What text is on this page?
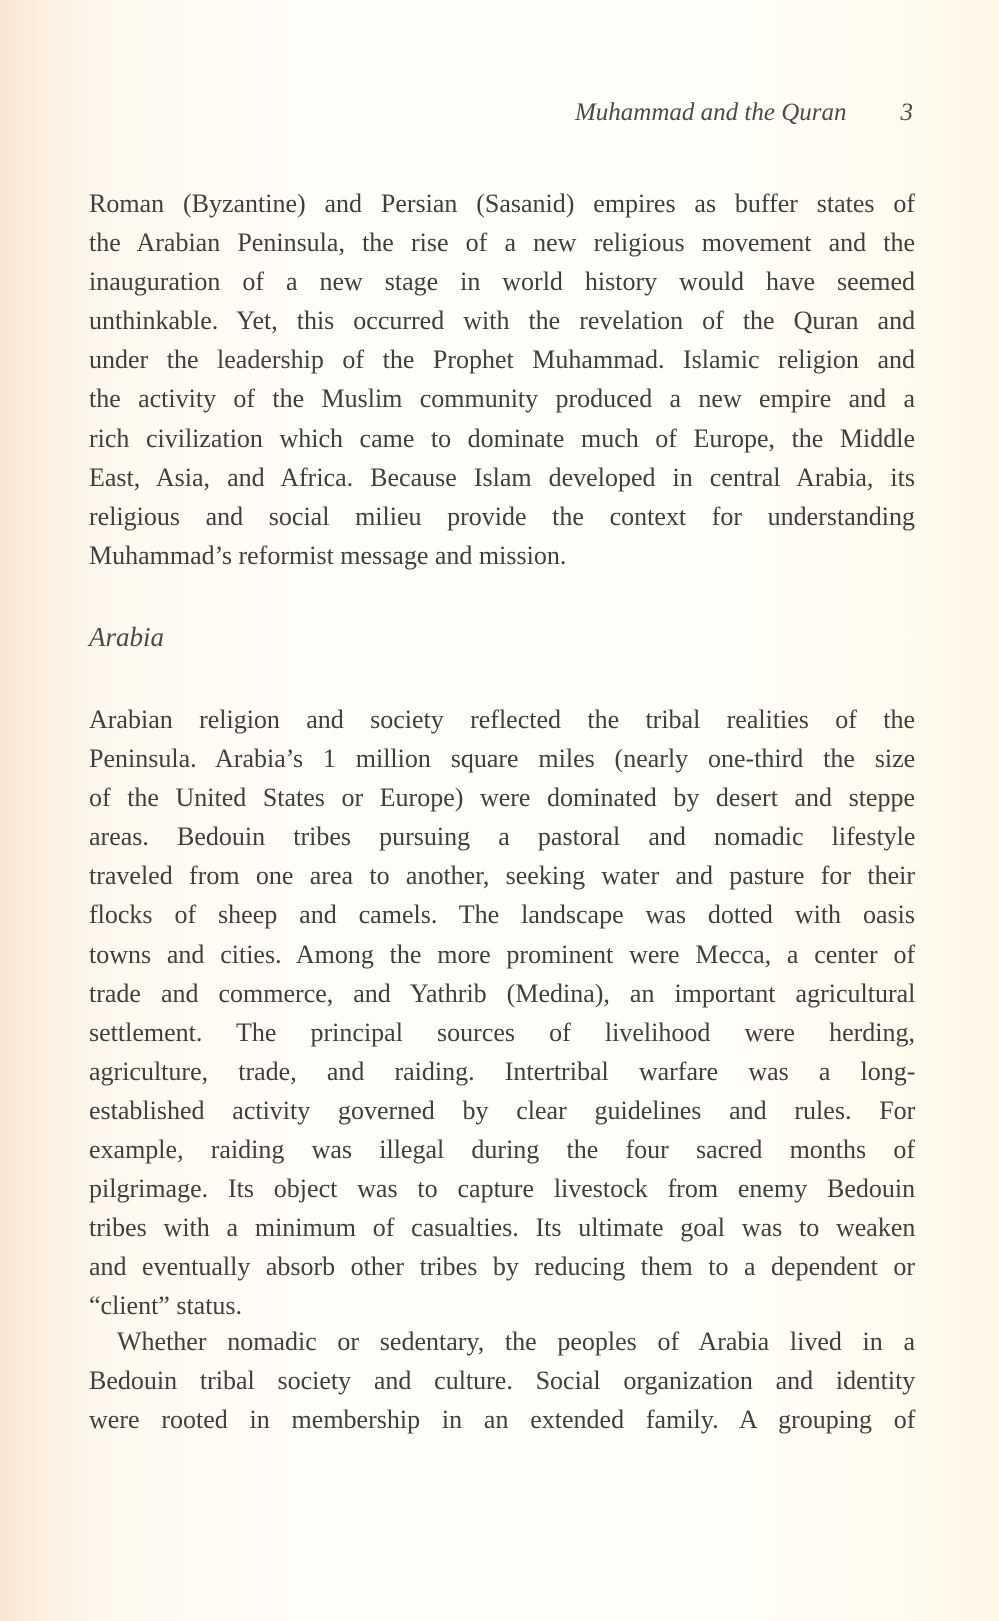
Muhammad and the Quran 3
Roman (Byzantine) and Persian (Sasanid) empires as buffer states of
the Arabian Peninsula, the rise of a new religious movement and the
inauguration of a new stage in world history would have seemed
unthinkable. Yet, this occurred with the revelation of the Quran and
under the leadership of the Prophet Muhammad. Islamic religion and
the activity of the Muslim community produced a new empire and a
rich civilization which came to dominate much of Europe, the Middle
East, Asia, and Africa. Because Islam developed in central Arabia, its
religious and social milieu provide the context for understanding
Muhammad’s reformist message and mission.
Arabia
Arabian religion and society reflected the tribal realities of the
Peninsula. Arabia’s 1 million square miles (nearly one-third the size
of the United States or Europe) were dominated by desert and steppe
areas. Bedouin tribes pursuing a pastoral and nomadic lifestyle
traveled from one area to another, seeking water and pasture for their
flocks of sheep and camels. The landscape was dotted with oasis
towns and cities. Among the more prominent were Mecca, a center of
trade and commerce, and Yathrib (Medina), an important agricultural
settlement. The principal sources of livelihood were herding,
agriculture, trade, and raiding. Intertribal warfare was a long-
established activity governed by clear guidelines and rules. For
example, raiding was illegal during the four sacred months of
pilgrimage. Its object was to capture livestock from enemy Bedouin
tribes with a minimum of casualties. Its ultimate goal was to weaken
and eventually absorb other tribes by reducing them to a dependent or
“client” status.
Whether nomadic or sedentary, the peoples of Arabia lived in a
Bedouin tribal society and culture. Social organization and identity
were rooted in membership in an extended family. A grouping of
